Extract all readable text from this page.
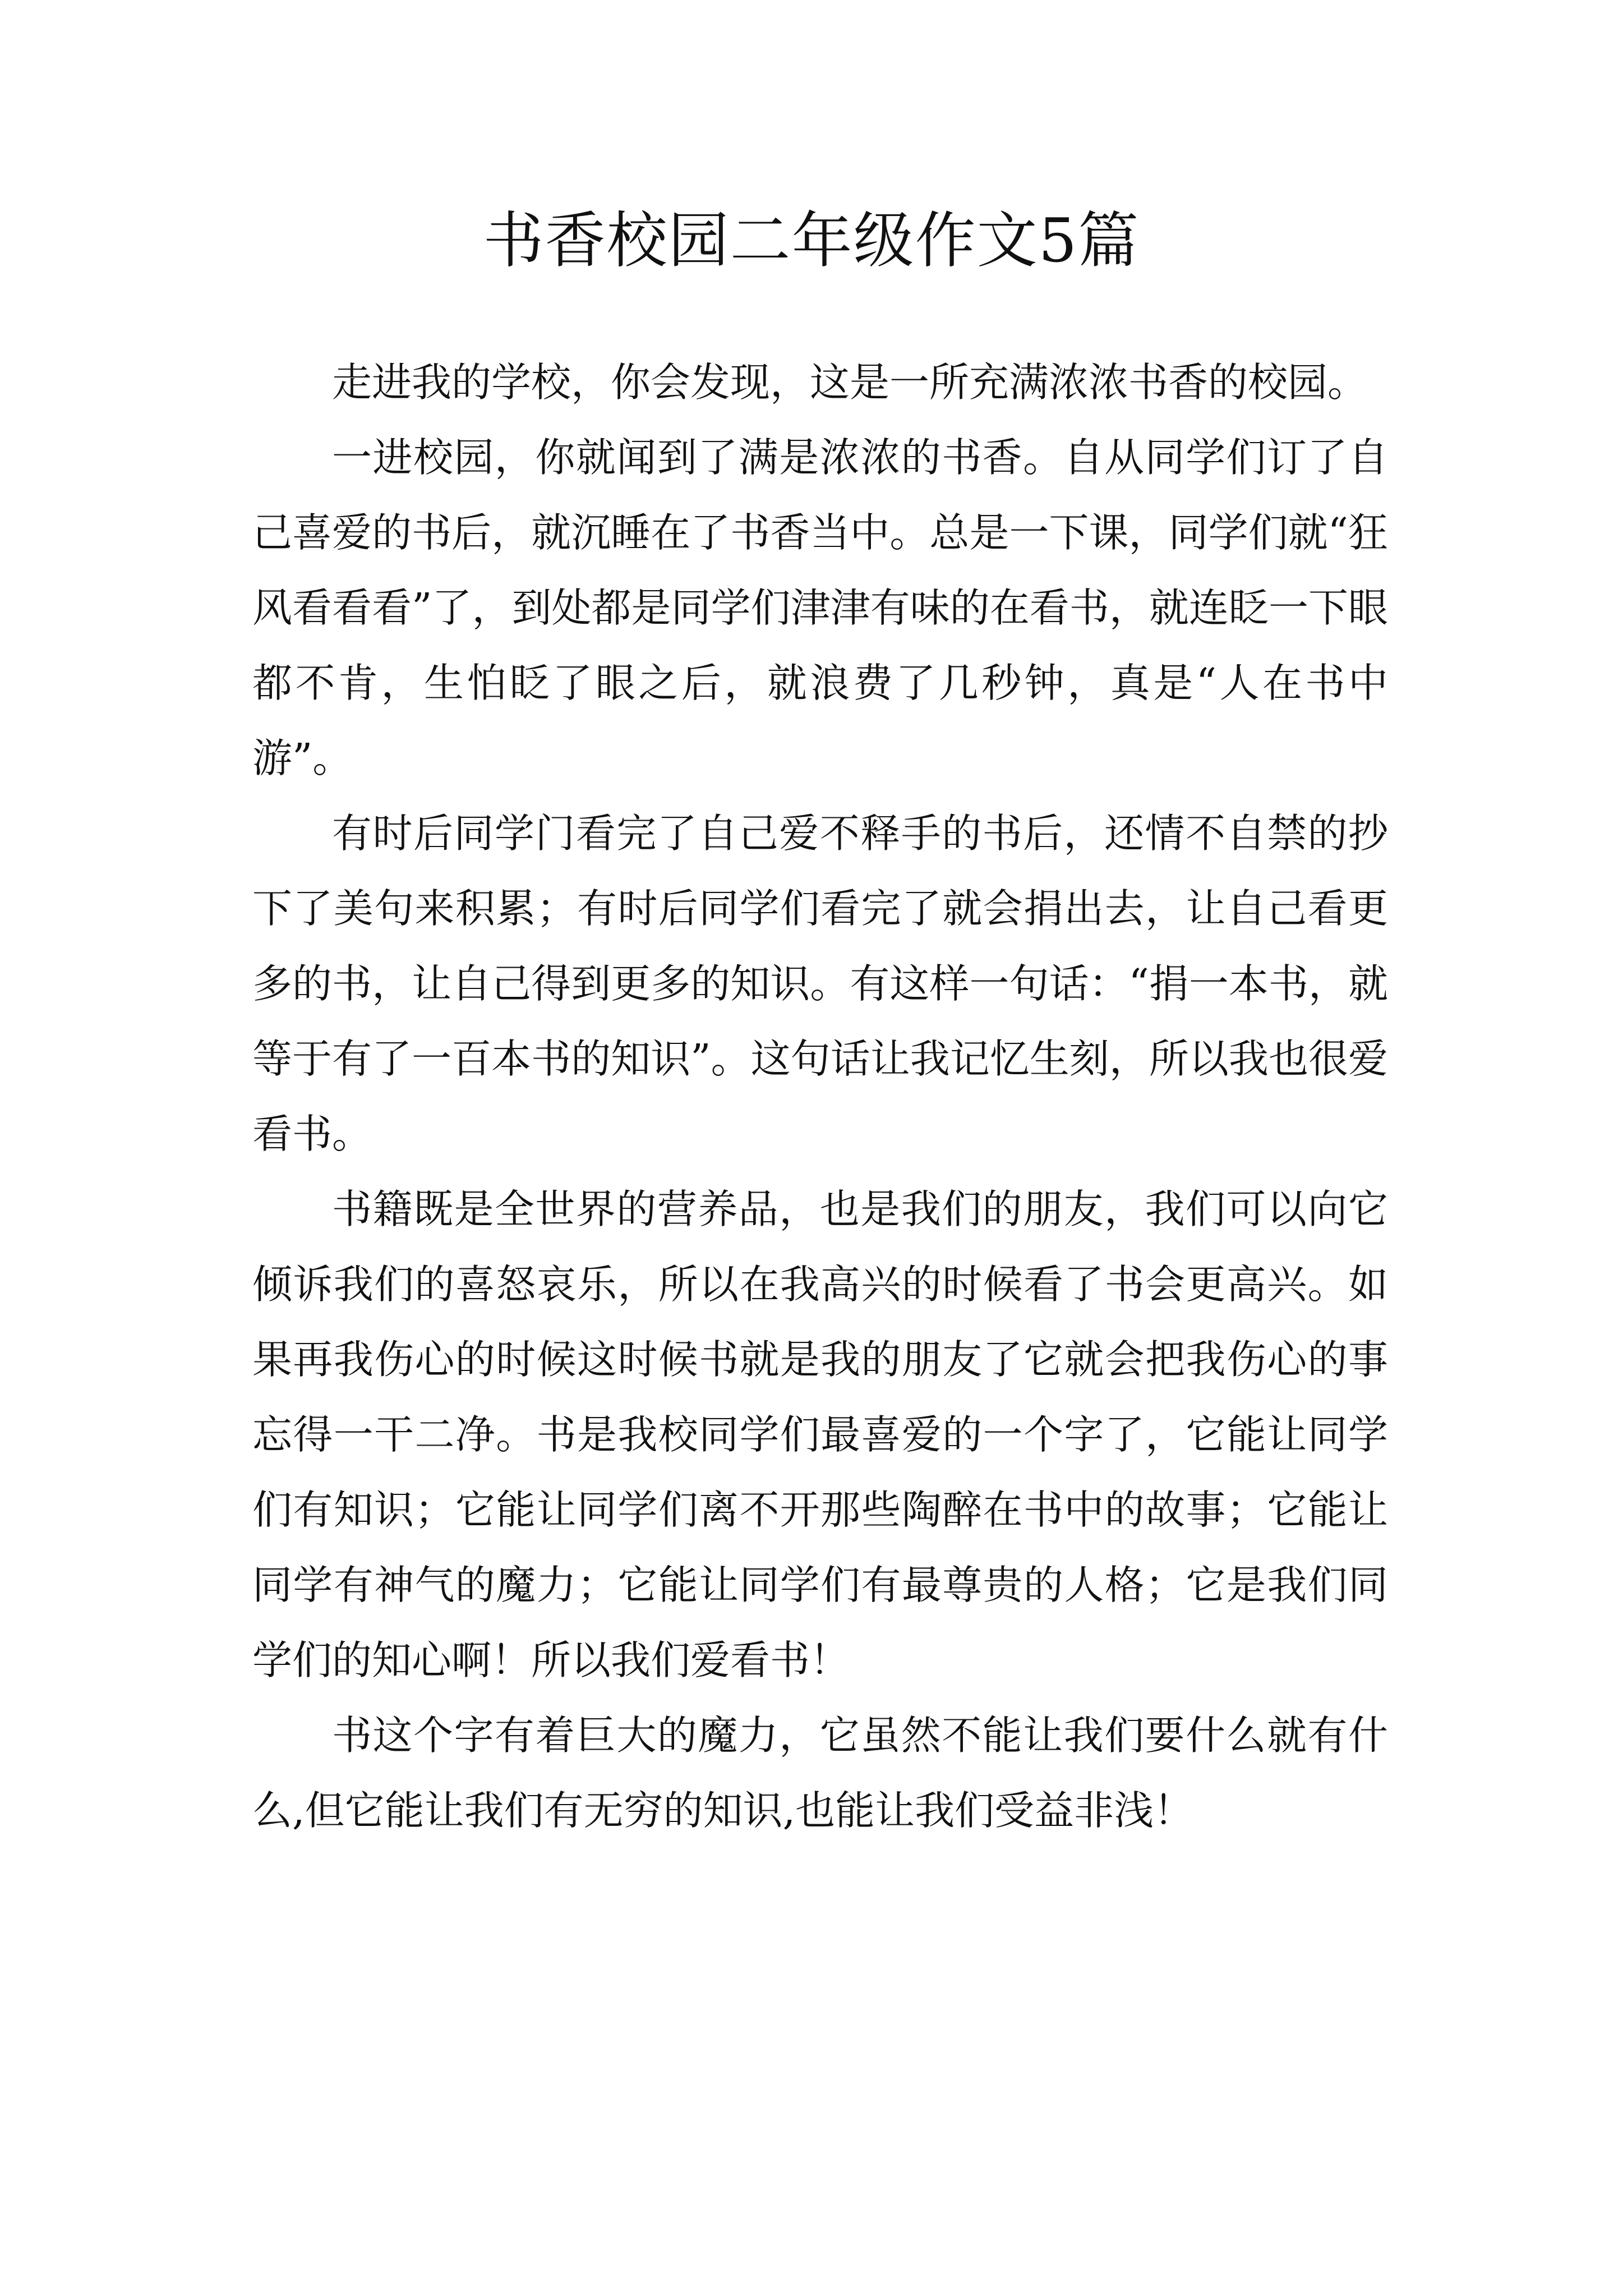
书香校园二年级作文5篇

走进我的学校，你会发现，这是一所充满浓浓书香的校园。

一进校园，你就闻到了满是浓浓的书香。自从同学们订了自己喜爱的书后，就沉睡在了书香当中。总是一下课，同学们就“狂风看看看”了，到处都是同学们津津有味的在看书，就连眨一下眼都不肯，生怕眨了眼之后，就浪费了几秒钟，真是“人在书中游”。

有时后同学门看完了自己爱不释手的书后，还情不自禁的抄下了美句来积累；有时后同学们看完了就会捐出去，让自己看更多的书，让自己得到更多的知识。有这样一句话：“捐一本书，就等于有了一百本书的知识”。这句话让我记忆生刻，所以我也很爱看书。

书籍既是全世界的营养品，也是我们的朋友，我们可以向它倾诉我们的喜怒哀乐，所以在我高兴的时候看了书会更高兴。如果再我伤心的时候这时候书就是我的朋友了它就会把我伤心的事忘得一干二净。书是我校同学们最喜爱的一个字了，它能让同学们有知识；它能让同学们离不开那些陶醉在书中的故事；它能让同学有神气的魔力；它能让同学们有最尊贵的人格；它是我们同学们的知心啊！所以我们爱看书！

书这个字有着巨大的魔力，它虽然不能让我们要什么就有什么,但它能让我们有无穷的知识,也能让我们受益非浅！
